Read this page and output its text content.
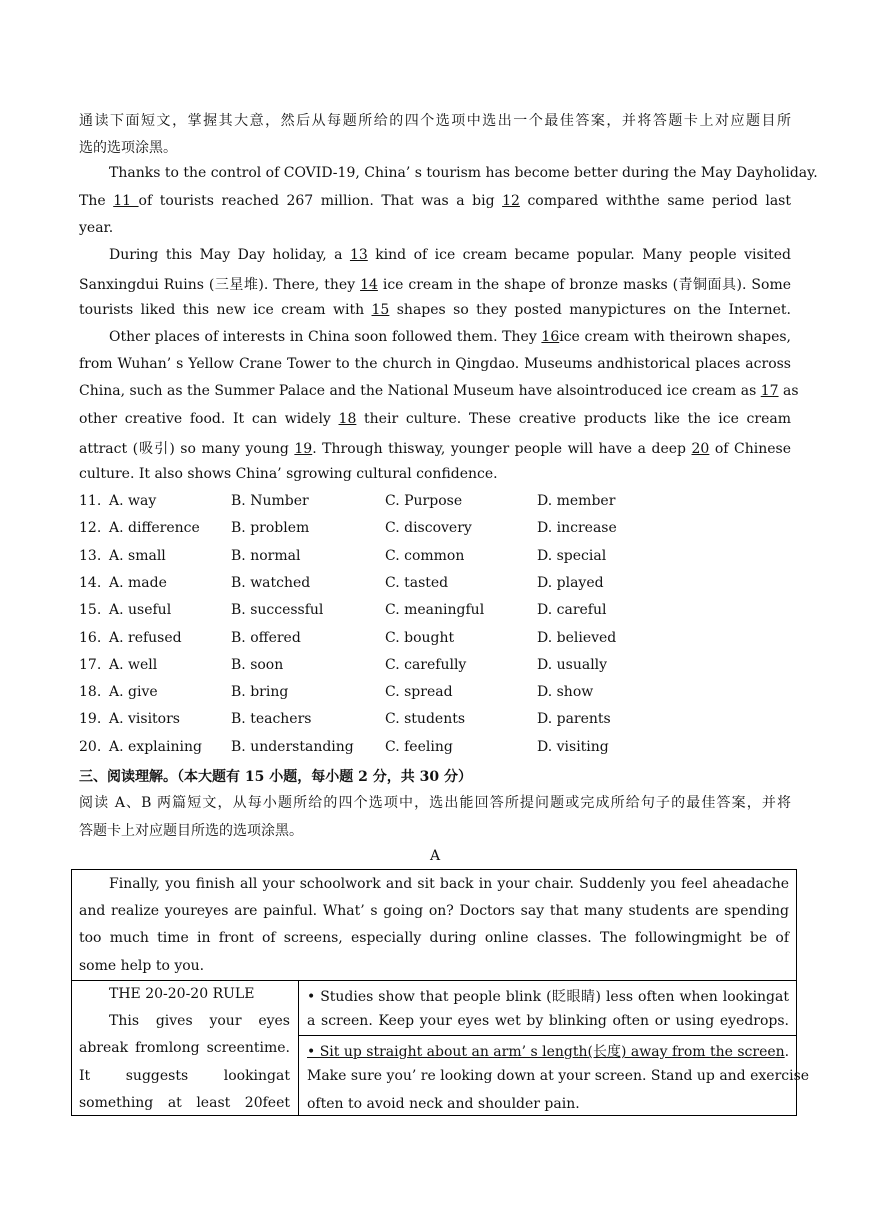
通读下面短文，掌握其大意，然后从每题所给的四个选项中选出一个最佳答案，并将答题卡上对应题目所
选的选项涂黑。
Thanks to the control of COVID-19, China’ s tourism has become better during the May Dayholiday.
The 11 of tourists reached 267 million. That was a big 12 compared withthe same period last
year.
During this May Day holiday, a 13 kind of ice cream became popular. Many people visited
Sanxingdui Ruins (三星堆). There, they 14 ice cream in the shape of bronze masks (青铜面具). Some
tourists liked this new ice cream with 15 shapes so they posted manypictures on the Internet.
Other places of interests in China soon followed them. They 16ice cream with theirown shapes,
from Wuhan’ s Yellow Crane Tower to the church in Qingdao. Museums andhistorical places across
China, such as the Summer Palace and the National Museum have alsointroduced ice cream as 17 as
other creative food. It can widely 18 their culture. These creative products like the ice cream
attract (吸引) so many young 19. Through thisway, younger people will have a deep 20 of Chinese
culture. It also shows China’ sgrowing cultural confidence.
11. A. way	B. Number	C. Purpose	D. member
12. A. difference B. problem	C. discovery	D. increase
13. A. small	B. normal	C. common	D. special
14. A. made	B. watched	C. tasted	D. played
15. A. useful	B. successful	C. meaningful	D. careful
16. A. refused	B. offered	C. bought	D. believed
17. A. well	B. soon	C. carefully	D. usually
18. A. give	B. bring	C. spread	D. show
19. A. visitors	B. teachers	C. students	D. parents
20. A. explaining B. understanding C. feeling	D. visiting
三、阅读理解。（本大题有 15 小题，每小题 2 分，共 30 分）
阅读 A、B 两篇短文，从每小题所给的四个选项中，选出能回答所提问题或完成所给句子的最佳答案，并将
答题卡上对应题目所选的选项涂黑。
A
Finally, you finish all your schoolwork and sit back in your chair. Suddenly you feel aheadache
and realize youreyes are painful. What’ s going on? Doctors say that many students are spending
too much time in front of screens, especially during online classes. The followingmight be of
some help to you.
THE 20-20-20 RULE
This gives your eyes
abreak fromlong screentime.
It suggests lookingat
something at least 20feet
• Studies show that people blink (眨眼睛) less often when lookingat
a screen. Keep your eyes wet by blinking often or using eyedrops.
• Sit up straight about an arm’ s length(长度) away from the screen.
Make sure you’ re looking down at your screen. Stand up and exercise
often to avoid neck and shoulder pain.
